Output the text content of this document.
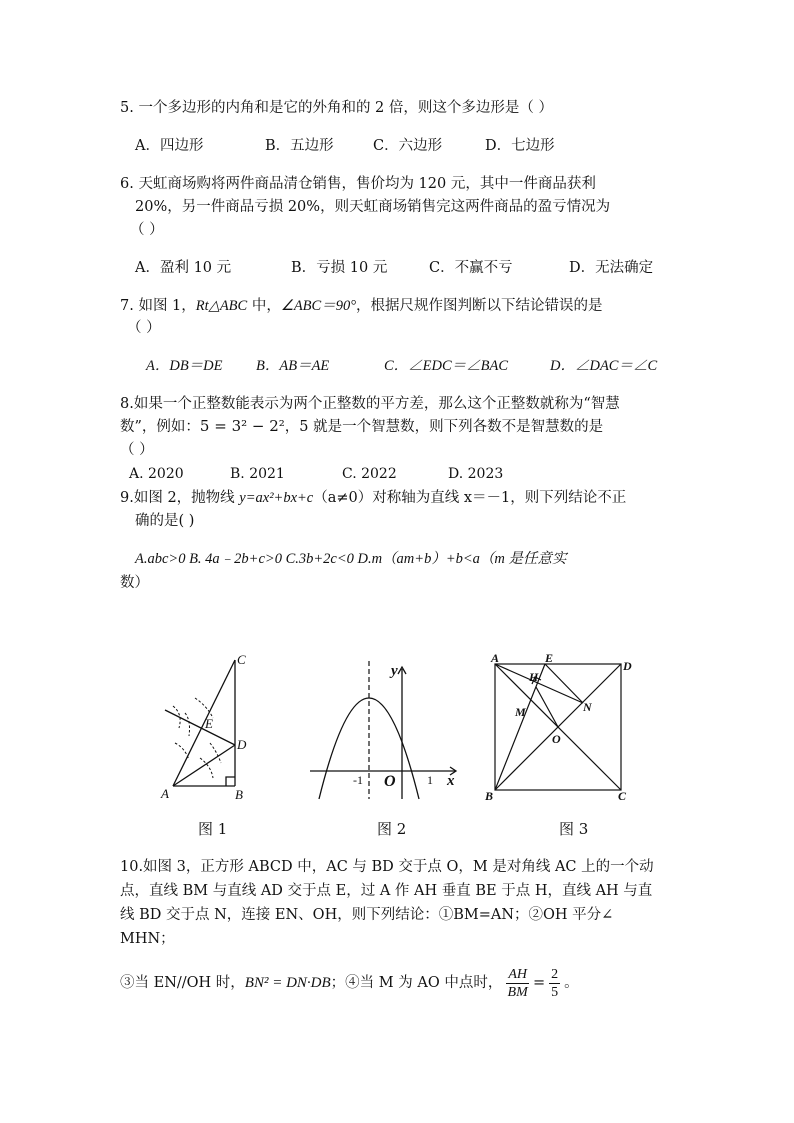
5. 一个多边形的内角和是它的外角和的 2 倍，则这个多边形是（ ）
A．四边形	B．五边形	C．六边形	D．七边形
6. 天虹商场购将两件商品清仓销售，售价均为 120 元，其中一件商品获利
20%，另一件商品亏损 20%，则天虹商场销售完这两件商品的盈亏情况为
（ ）
A．盈利 10 元	B．亏损 10 元	C．不赢不亏	D．无法确定
7. 如图 1，Rt△ABC 中，∠ABC＝90°，根据尺规作图判断以下结论错误的是
（ ）
A．DB＝DE B．AB＝AE	C．∠EDC＝∠BAC	D．∠DAC＝∠C
8.如果一个正整数能表示为两个正整数的平方差，那么这个正整数就称为“智慧
数”，例如：5 = 3² − 2²，5 就是一个智慧数，则下列各数不是智慧数的是
（ ）
A. 2020	B. 2021	C. 2022	D. 2023
9.如图 2，抛物线 y=ax²+bx+c（a≠0）对称轴为直线 x＝－1，则下列结论不正
确的是( )
A.abc>0 B. 4a﹣2b+c>0 C.3b+2c<0 D.m（am+b）+b<a（m 是任意实
数）
C
E
D
A	B
图 1
y
-1 O	1 x
图 2
A	E
D
H
M	N
O
B	C
图 3
10.如图 3，正方形 ABCD 中，AC 与 BD 交于点 O，M 是对角线 AC 上的一个动
点，直线 BM 与直线 AD 交于点 E，过 A 作 AH 垂直 BE 于点 H，直线 AH 与直
线 BD 交于点 N，连接 EN、OH，则下列结论：①BM=AN；②OH 平分∠
MHN；
③当 EN//OH 时，BN² = DN·DB；④当 M 为 AO 中点时， $\frac{AH}{BM} = \frac{2}{5}$ 。
